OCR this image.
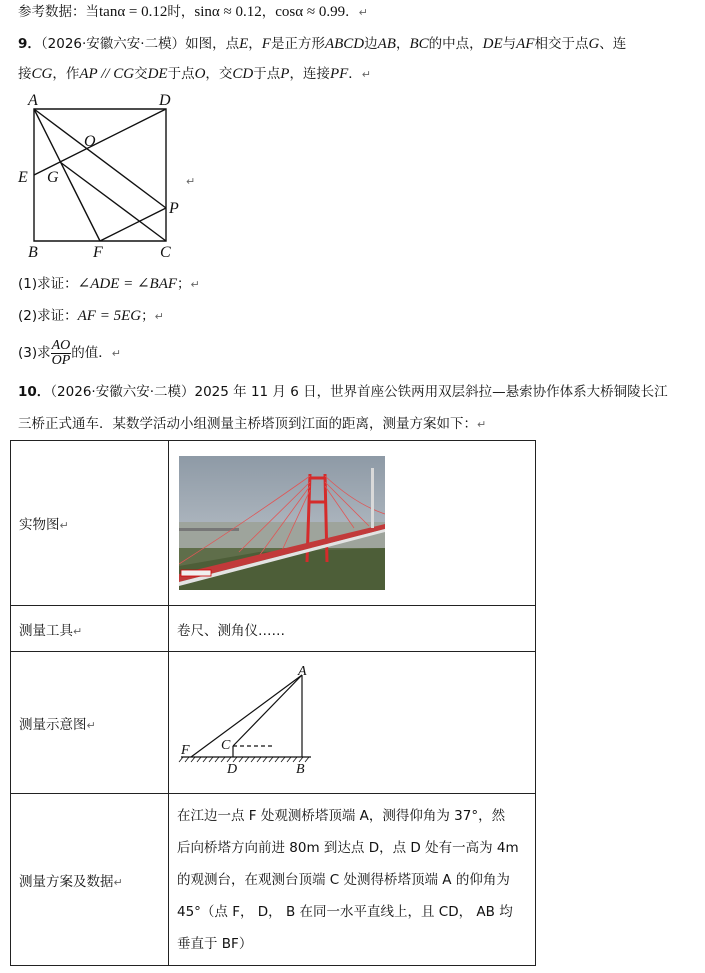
参考数据：当tanα = 0.12时，sinα ≈ 0.12，cosα ≈ 0.99．↵
9．（2026·安徽六安·二模）如图，点E，F是正方形ABCD边AB，BC的中点，DE与AF相交于点G、连
接CG，作AP // CG交DE于点O，交CD于点P，连接PF．↵
A	D
O
E G
P
B	F	C
↵
(1)求证：∠ADE = ∠BAF；↵
(2)求证：AF = 5EG；↵
(3)求 $\frac{AO}{OP}$ 的值．↵
10．（2026·安徽六安·二模）2025 年 11 月 6 日，世界首座公铁两用双层斜拉—悬索协作体系大桥铜陵长江
三桥正式通车．某数学活动小组测量主桥塔顶到江面的距离，测量方案如下：↵
实物图↵	

测量工具↵	卷尺、测角仪……
测量示意图↵	A
F C
D B

测量方案及数据↵	在江边一点 F 处观测桥塔顶端 A，测得仰角为 37°，然
后向桥塔方向前进 80m 到达点 D，点 D 处有一高为 4m
的观测台，在观测台顶端 C 处测得桥塔顶端 A 的仰角为
45°（点 F， D， B 在同一水平直线上，且 CD， AB 均
垂直于 BF）
